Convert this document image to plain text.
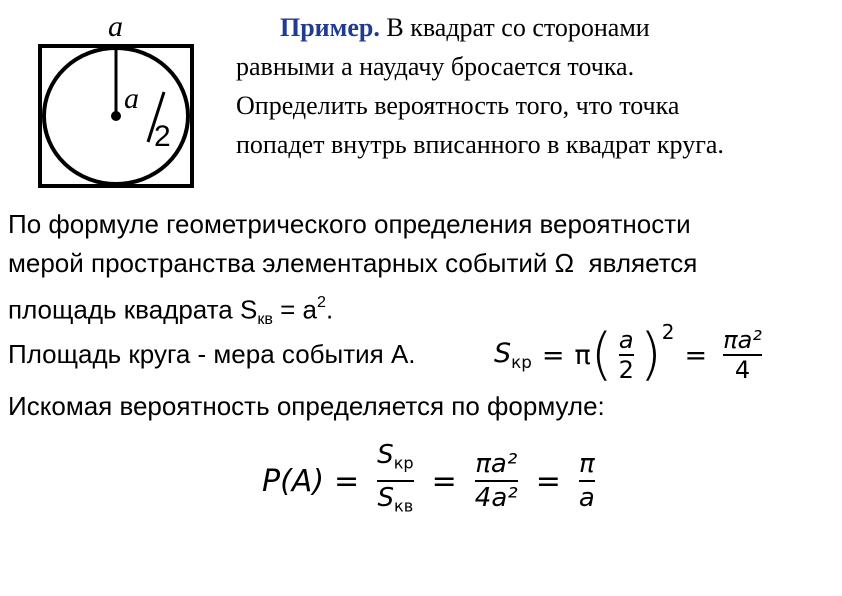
a
a
2
Пример. В квадрат со сторонами
равными a наудачу бросается точка.
Определить вероятность того, что точка
попадет внутрь вписанного в квадрат круга.
По формуле геометрического определения вероятности
мерой пространства элементарных событий Ω является
площадь квадрата $S_{кв} = a^2$.
Площадь круга - мера события А.	$S_{кр} = \pi$ ( $\frac{a}{2}$ ) 2
= $\frac{\text{πa²}}{4}$
Искомая вероятность определяется по формуле:
$P(A) = \frac{S_{кр}}{S_{кв}} = \frac{\text{πa²}}{\text{4a²}} = \frac{\pi}{a}$
